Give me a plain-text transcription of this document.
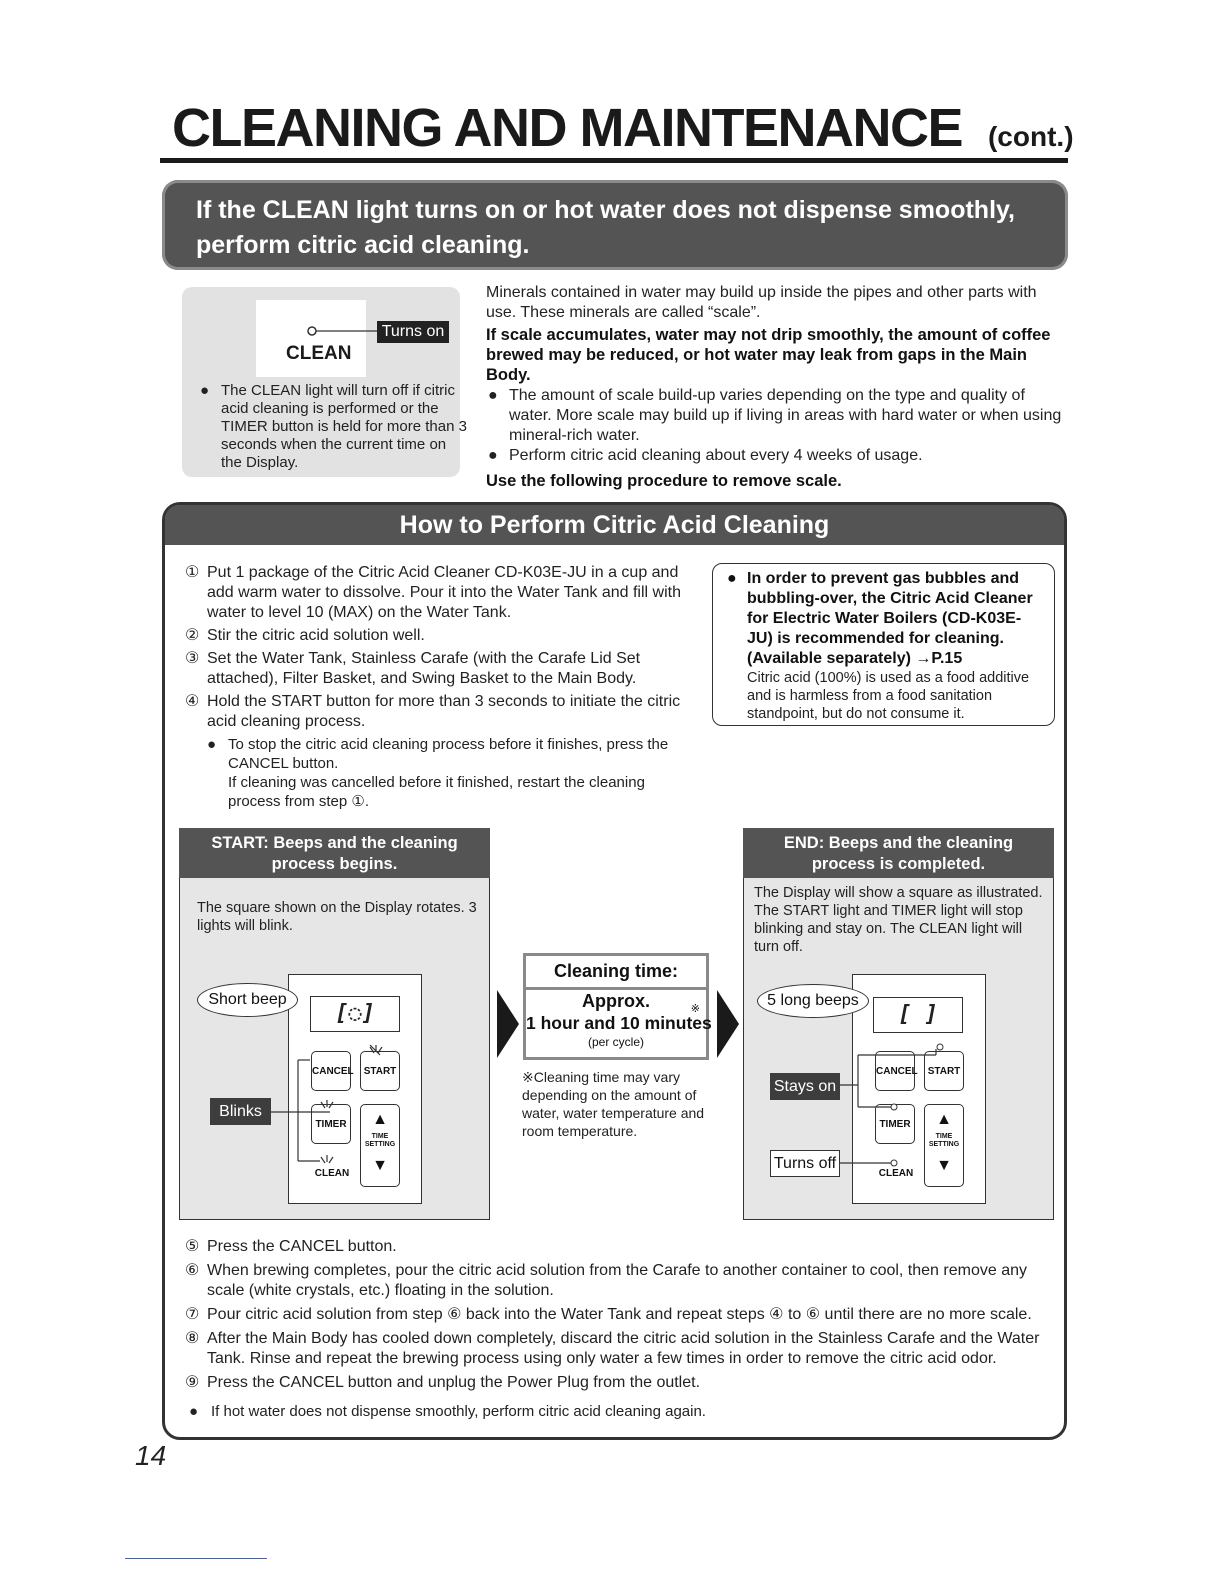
CLEANING AND MAINTENANCE (cont.)
If the CLEAN light turns on or hot water does not dispense smoothly,
perform citric acid cleaning.
Turns on
CLEAN
● The CLEAN light will turn off if citric acid cleaning is performed or the TIMER button is held for more than 3 seconds when the current time on the Display.

Minerals contained in water may build up inside the pipes and other parts with use. These minerals are called “scale”.

If scale accumulates, water may not drip smoothly, the amount of coffee brewed may be reduced, or hot water may leak from gaps in the Main Body.

● The amount of scale build-up varies depending on the type and quality of water. More scale may build up if living in areas with hard water or when using mineral-rich water.

● Perform citric acid cleaning about every 4 weeks of usage.

Use the following procedure to remove scale.

How to Perform Citric Acid Cleaning
① Put 1 package of the Citric Acid Cleaner CD-K03E-JU in a cup and add warm water to dissolve. Pour it into the Water Tank and fill with water to level 10 (MAX) on the Water Tank.
② Stir the citric acid solution well.
③ Set the Water Tank, Stainless Carafe (with the Carafe Lid Set attached), Filter Basket, and Swing Basket to the Main Body.
④ Hold the START button for more than 3 seconds to initiate the citric acid cleaning process.
● To stop the citric acid cleaning process before it finishes, press the CANCEL button.
If cleaning was cancelled before it finished, restart the cleaning process from step ①.
● In order to prevent gas bubbles and bubbling-over, the Citric Acid Cleaner for Electric Water Boilers (CD-K03E-JU) is recommended for cleaning. (Available separately) →P.15
Citric acid (100%) is used as a food additive and is harmless from a food sanitation standpoint, but do not consume it.
START: Beeps and the cleaning
process begins.
The square shown on the Display rotates. 3 lights will blink.
[◌]
CANCEL	START
TIMER	▲
TIME
SETTING
▼
CLEAN
Short beep
Blinks
Cleaning time:
Approx.	※
1 hour and 10 minutes
(per cycle)
※Cleaning time may vary depending on the amount of water, water temperature and room temperature.
END: Beeps and the cleaning
process is completed.
The Display will show a square as illustrated. The START light and TIMER light will stop blinking and stay on. The CLEAN light will turn off.
[ ]
CANCEL	START
TIMER	▲
TIME
SETTING
▼
CLEAN
5 long beeps
Stays on
Turns off
⑤ Press the CANCEL button.
⑥ When brewing completes, pour the citric acid solution from the Carafe to another container to cool, then remove any scale (white crystals, etc.) floating in the solution.
⑦ Pour citric acid solution from step ⑥ back into the Water Tank and repeat steps ④ to ⑥ until there are no more scale.
⑧ After the Main Body has cooled down completely, discard the citric acid solution in the Stainless Carafe and the Water Tank. Rinse and repeat the brewing process using only water a few times in order to remove the citric acid odor.
⑨ Press the CANCEL button and unplug the Power Plug from the outlet.
● If hot water does not dispense smoothly, perform citric acid cleaning again.
14
